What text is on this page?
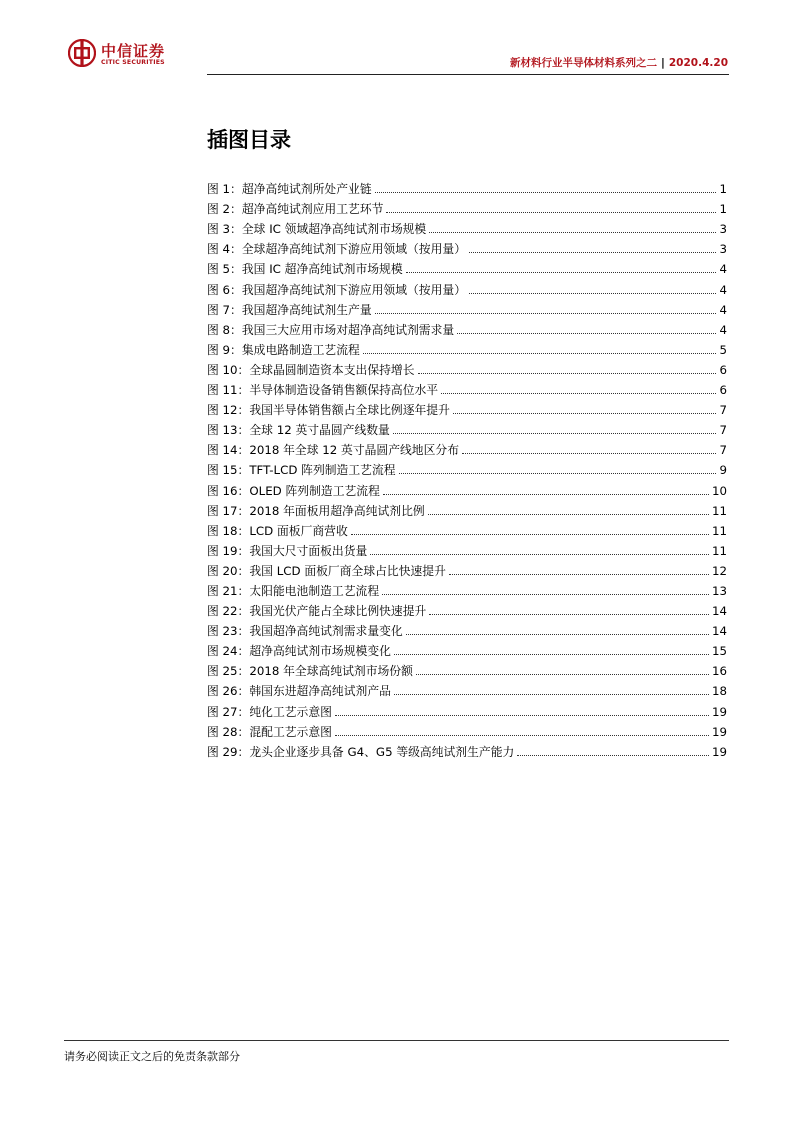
中信证券
CITIC SECURITIES	新材料行业半导体材料系列之二 | 2020.4.20
插图目录
图 1：超净高纯试剂所处产业链	1
图 2：超净高纯试剂应用工艺环节	1
图 3：全球 IC 领域超净高纯试剂市场规模	3
图 4：全球超净高纯试剂下游应用领域（按用量）	3
图 5：我国 IC 超净高纯试剂市场规模	4
图 6：我国超净高纯试剂下游应用领域（按用量）	4
图 7：我国超净高纯试剂生产量	4
图 8：我国三大应用市场对超净高纯试剂需求量	4
图 9：集成电路制造工艺流程	5
图 10：全球晶圆制造资本支出保持增长	6
图 11：半导体制造设备销售额保持高位水平	6
图 12：我国半导体销售额占全球比例逐年提升	7
图 13：全球 12 英寸晶圆产线数量	7
图 14：2018 年全球 12 英寸晶圆产线地区分布	7
图 15：TFT-LCD 阵列制造工艺流程	9
图 16：OLED 阵列制造工艺流程	10
图 17：2018 年面板用超净高纯试剂比例	11
图 18：LCD 面板厂商营收	11
图 19：我国大尺寸面板出货量	11
图 20：我国 LCD 面板厂商全球占比快速提升	12
图 21：太阳能电池制造工艺流程	13
图 22：我国光伏产能占全球比例快速提升	14
图 23：我国超净高纯试剂需求量变化	14
图 24：超净高纯试剂市场规模变化	15
图 25：2018 年全球高纯试剂市场份额	16
图 26：韩国东进超净高纯试剂产品	18
图 27：纯化工艺示意图	19
图 28：混配工艺示意图	19
图 29：龙头企业逐步具备 G4、G5 等级高纯试剂生产能力	19
请务必阅读正文之后的免责条款部分
